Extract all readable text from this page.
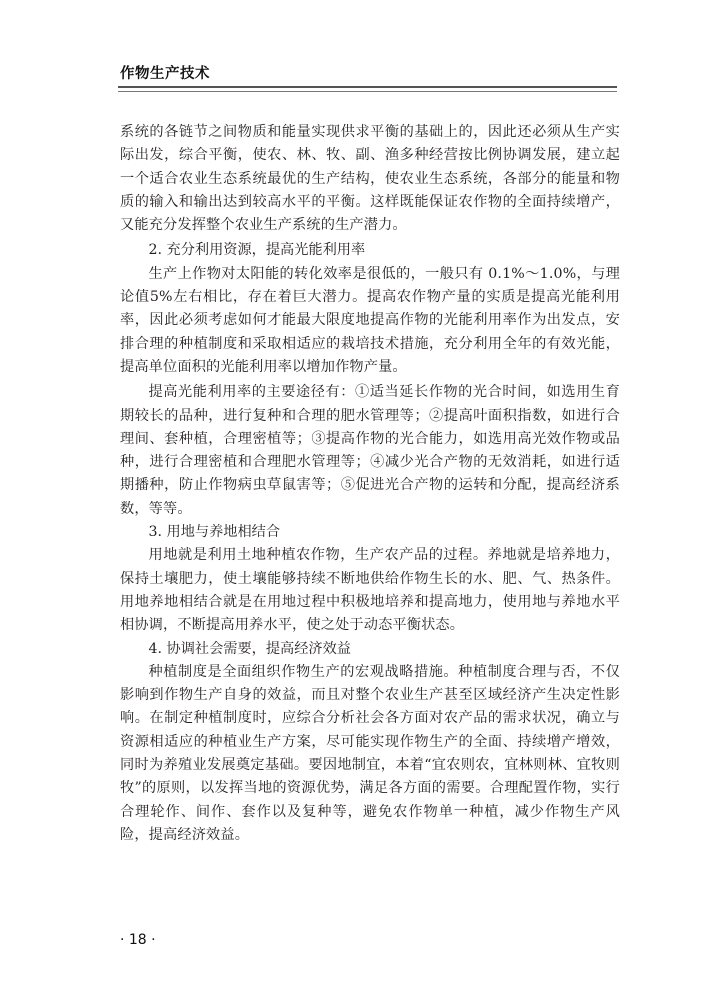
作物生产技术

系统的各链节之间物质和能量实现供求平衡的基础上的，因此还必须从生产实际出发，综合平衡，使农、林、牧、副、渔多种经营按比例协调发展，建立起一个适合农业生态系统最优的生产结构，使农业生态系统，各部分的能量和物质的输入和输出达到较高水平的平衡。这样既能保证农作物的全面持续增产，又能充分发挥整个农业生产系统的生产潜力。

2. 充分利用资源，提高光能利用率

生产上作物对太阳能的转化效率是很低的，一般只有 0.1%～1.0%，与理论值5%左右相比，存在着巨大潜力。提高农作物产量的实质是提高光能利用率，因此必须考虑如何才能最大限度地提高作物的光能利用率作为出发点，安排合理的种植制度和采取相适应的栽培技术措施，充分利用全年的有效光能，提高单位面积的光能利用率以增加作物产量。

提高光能利用率的主要途径有：①适当延长作物的光合时间，如选用生育期较长的品种，进行复种和合理的肥水管理等；②提高叶面积指数，如进行合理间、套种植，合理密植等；③提高作物的光合能力，如选用高光效作物或品种，进行合理密植和合理肥水管理等；④减少光合产物的无效消耗，如进行适期播种，防止作物病虫草鼠害等；⑤促进光合产物的运转和分配，提高经济系数，等等。

3. 用地与养地相结合

用地就是利用土地种植农作物，生产农产品的过程。养地就是培养地力，保持土壤肥力，使土壤能够持续不断地供给作物生长的水、肥、气、热条件。用地养地相结合就是在用地过程中积极地培养和提高地力，使用地与养地水平相协调，不断提高用养水平，使之处于动态平衡状态。

4. 协调社会需要，提高经济效益

种植制度是全面组织作物生产的宏观战略措施。种植制度合理与否，不仅影响到作物生产自身的效益，而且对整个农业生产甚至区域经济产生决定性影响。在制定种植制度时，应综合分析社会各方面对农产品的需求状况，确立与资源相适应的种植业生产方案，尽可能实现作物生产的全面、持续增产增效，同时为养殖业发展奠定基础。要因地制宜，本着“宜农则农，宜林则林、宜牧则牧”的原则，以发挥当地的资源优势，满足各方面的需要。合理配置作物，实行合理轮作、间作、套作以及复种等，避免农作物单一种植，减少作物生产风险，提高经济效益。

· 18 ·
